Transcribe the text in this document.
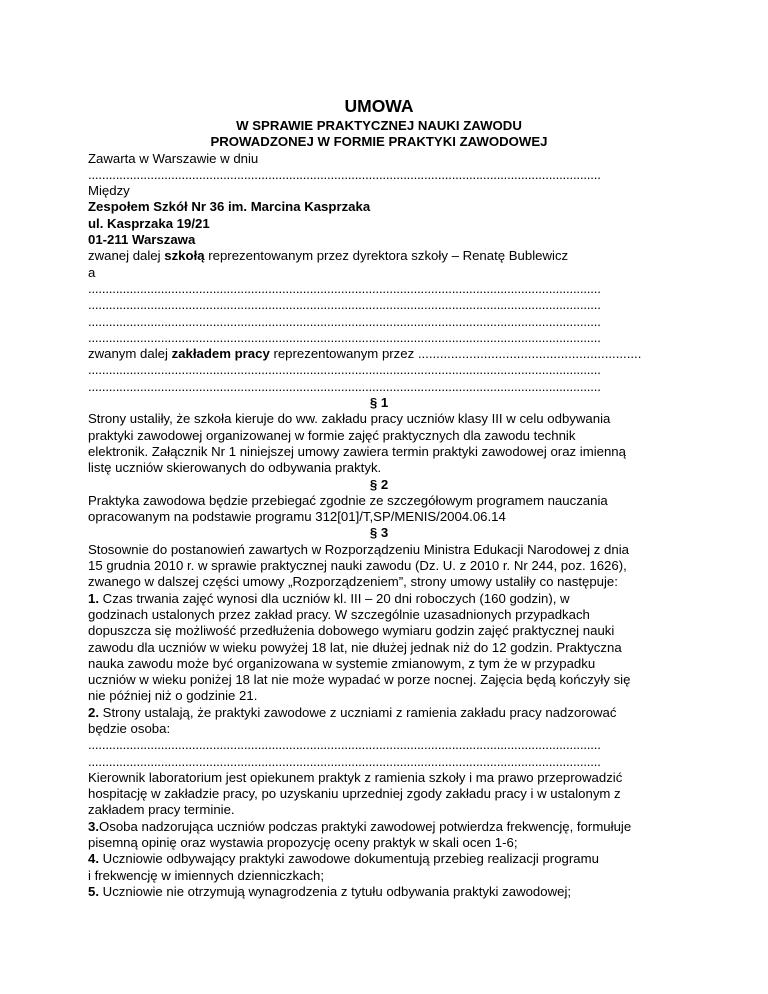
UMOWA
W SPRAWIE PRAKTYCZNEJ NAUKI ZAWODU
PROWADZONEJ W FORMIE PRAKTYKI ZAWODOWEJ
Zawarta w Warszawie w dniu
....................................................................................................................................................
Między
Zespołem Szkół Nr 36 im. Marcina Kasprzaka
ul. Kasprzaka 19/21
01-211 Warszawa
zwanej dalej szkołą reprezentowanym przez dyrektora szkoły – Renatę Bublewicz
a
....................................................................................................................................................
....................................................................................................................................................
....................................................................................................................................................
....................................................................................................................................................
zwanym dalej zakładem pracy reprezentowanym przez .............................................................
....................................................................................................................................................
....................................................................................................................................................
§ 1
Strony ustaliły, że szkoła kieruje do ww. zakładu pracy uczniów klasy III w celu odbywania
praktyki zawodowej organizowanej w formie zajęć praktycznych dla zawodu technik
elektronik. Załącznik Nr 1 niniejszej umowy zawiera termin praktyki zawodowej oraz imienną
listę uczniów skierowanych do odbywania praktyk.
§ 2
Praktyka zawodowa będzie przebiegać zgodnie ze szczegółowym programem nauczania
opracowanym na podstawie programu 312[01]/T,SP/MENIS/2004.06.14
§ 3
Stosownie do postanowień zawartych w Rozporządzeniu Ministra Edukacji Narodowej z dnia
15 grudnia 2010 r. w sprawie praktycznej nauki zawodu (Dz. U. z 2010 r. Nr 244, poz. 1626),
zwanego w dalszej części umowy „Rozporządzeniem”, strony umowy ustaliły co następuje:
1. Czas trwania zajęć wynosi dla uczniów kl. III – 20 dni roboczych (160 godzin), w
godzinach ustalonych przez zakład pracy. W szczególnie uzasadnionych przypadkach
dopuszcza się możliwość przedłużenia dobowego wymiaru godzin zajęć praktycznej nauki
zawodu dla uczniów w wieku powyżej 18 lat, nie dłużej jednak niż do 12 godzin. Praktyczna
nauka zawodu może być organizowana w systemie zmianowym, z tym że w przypadku
uczniów w wieku poniżej 18 lat nie może wypadać w porze nocnej. Zajęcia będą kończyły się
nie później niż o godzinie 21.
2. Strony ustalają, że praktyki zawodowe z uczniami z ramienia zakładu pracy nadzorować
będzie osoba:
....................................................................................................................................................
....................................................................................................................................................
Kierownik laboratorium jest opiekunem praktyk z ramienia szkoły i ma prawo przeprowadzić
hospitację w zakładzie pracy, po uzyskaniu uprzedniej zgody zakładu pracy i w ustalonym z
zakładem pracy terminie.
3.Osoba nadzorująca uczniów podczas praktyki zawodowej potwierdza frekwencję, formułuje
pisemną opinię oraz wystawia propozycję oceny praktyk w skali ocen 1-6;
4. Uczniowie odbywający praktyki zawodowe dokumentują przebieg realizacji programu
i frekwencję w imiennych dzienniczkach;
5. Uczniowie nie otrzymują wynagrodzenia z tytułu odbywania praktyki zawodowej;
